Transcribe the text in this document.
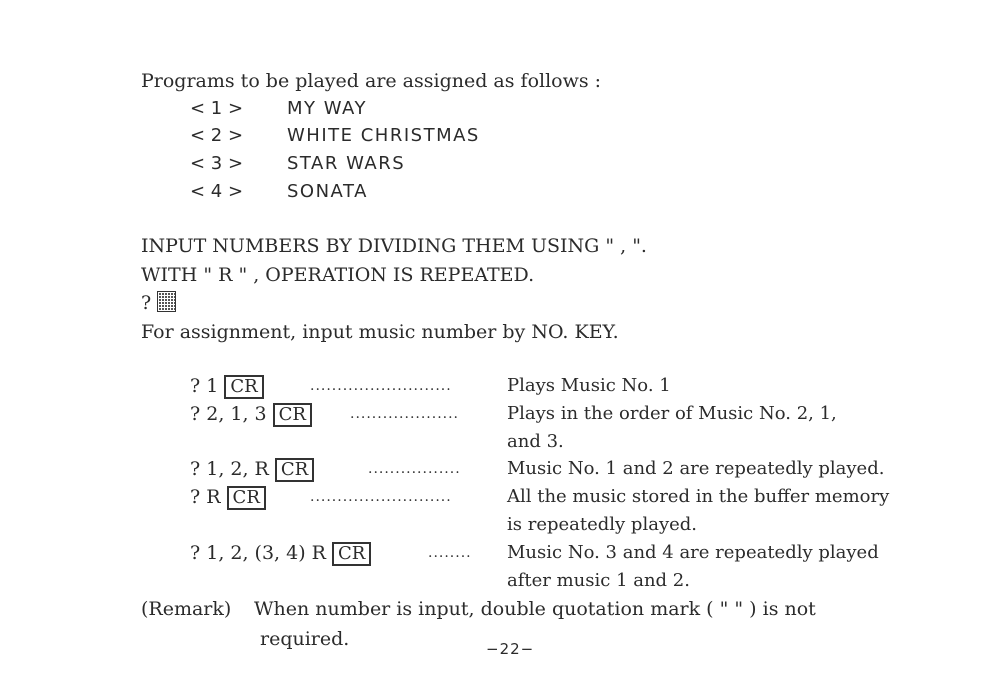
Programs to be played are assigned as follows :
< 1 > MY WAY
< 2 > WHITE CHRISTMAS
< 3 > STAR WARS
< 4 > SONATA
INPUT NUMBERS BY DIVIDING THEM USING " , ".
WITH " R " , OPERATION IS REPEATED.
?
For assignment, input music number by NO. KEY.
? 1 CR	..........................	Plays Music No. 1
? 2, 1, 3 CR	....................	Plays in the order of Music No. 2, 1,
and 3.
? 1, 2, R CR	.................	Music No. 1 and 2 are repeatedly played.
? R CR	..........................	All the music stored in the buffer memory
is repeatedly played.
? 1, 2, (3, 4) R CR	........ Music No. 3 and 4 are repeatedly played
after music 1 and 2.
(Remark) When number is input, double quotation mark ( " " ) is not
required.	−22−
